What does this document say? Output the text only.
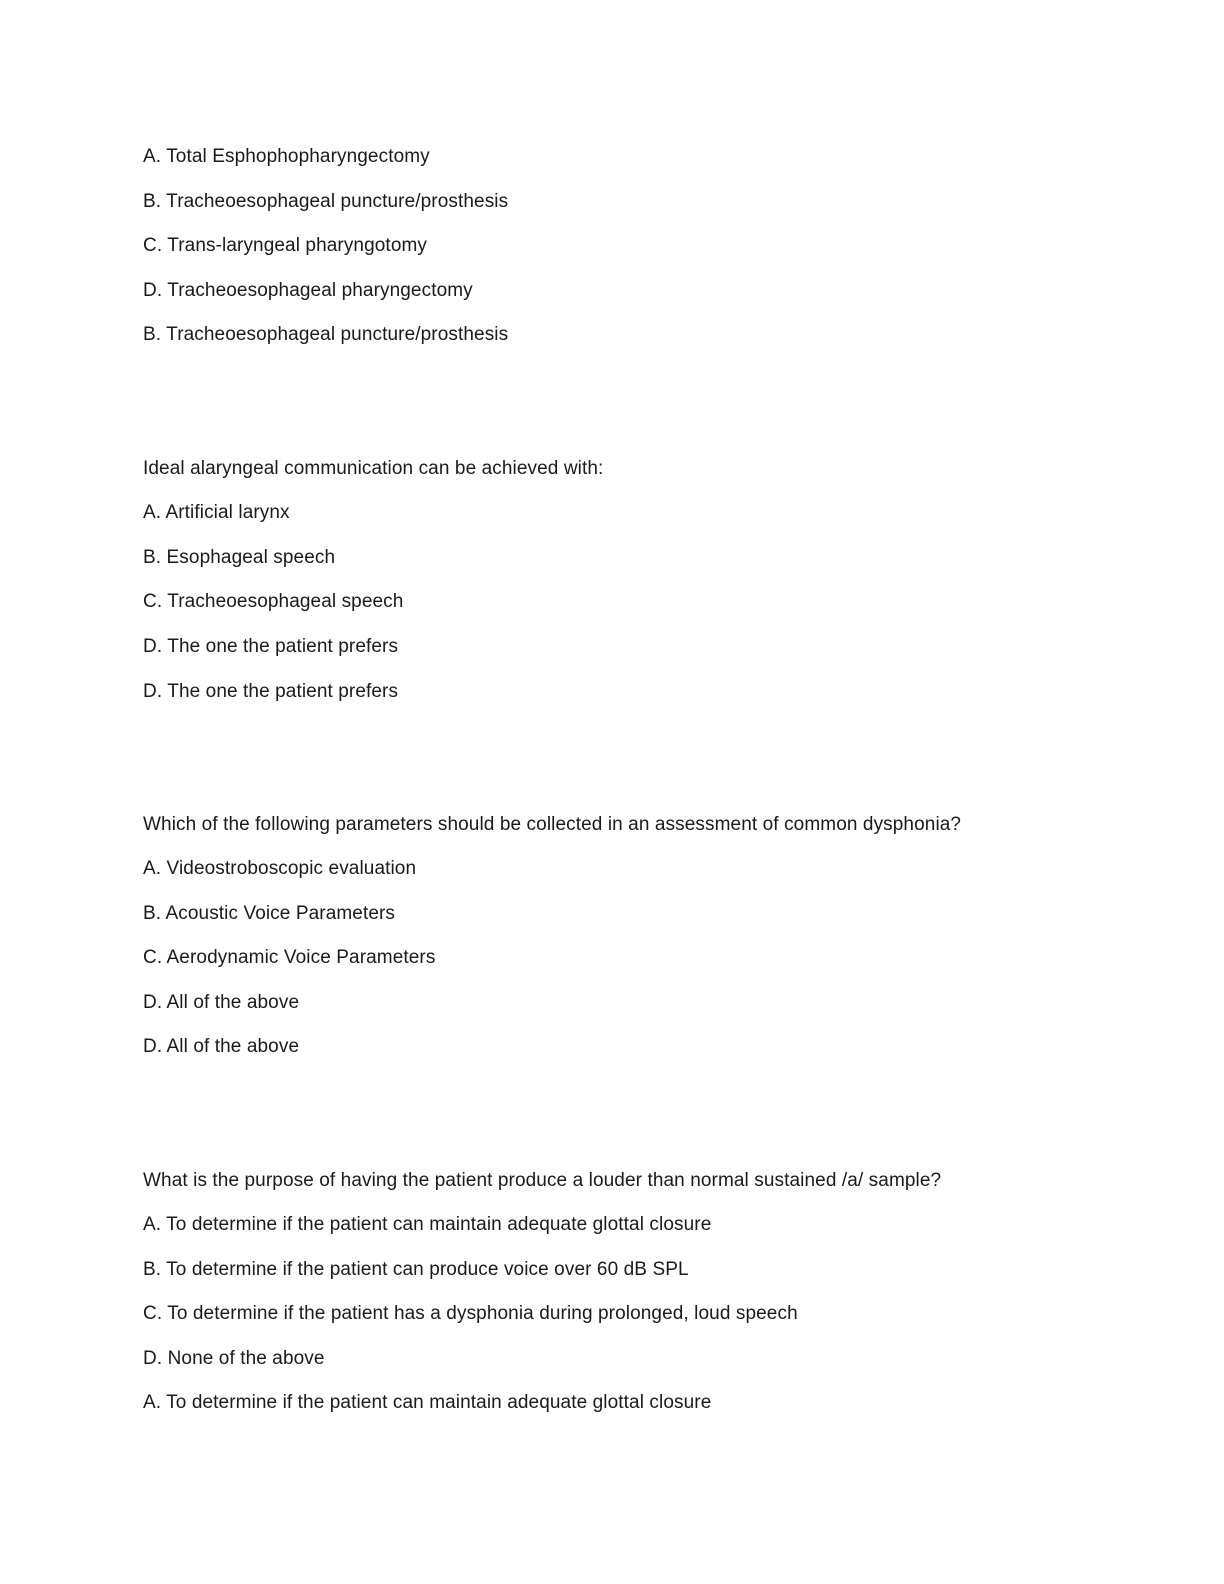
A. Total Esphophopharyngectomy
B. Tracheoesophageal puncture/prosthesis
C. Trans-laryngeal pharyngotomy
D. Tracheoesophageal pharyngectomy
B. Tracheoesophageal puncture/prosthesis
Ideal alaryngeal communication can be achieved with:
A. Artificial larynx
B. Esophageal speech
C. Tracheoesophageal speech
D. The one the patient prefers
D. The one the patient prefers
Which of the following parameters should be collected in an assessment of common dysphonia?
A. Videostroboscopic evaluation
B. Acoustic Voice Parameters
C. Aerodynamic Voice Parameters
D. All of the above
D. All of the above
What is the purpose of having the patient produce a louder than normal sustained /a/ sample?
A. To determine if the patient can maintain adequate glottal closure
B. To determine if the patient can produce voice over 60 dB SPL
C. To determine if the patient has a dysphonia during prolonged, loud speech
D. None of the above
A. To determine if the patient can maintain adequate glottal closure
